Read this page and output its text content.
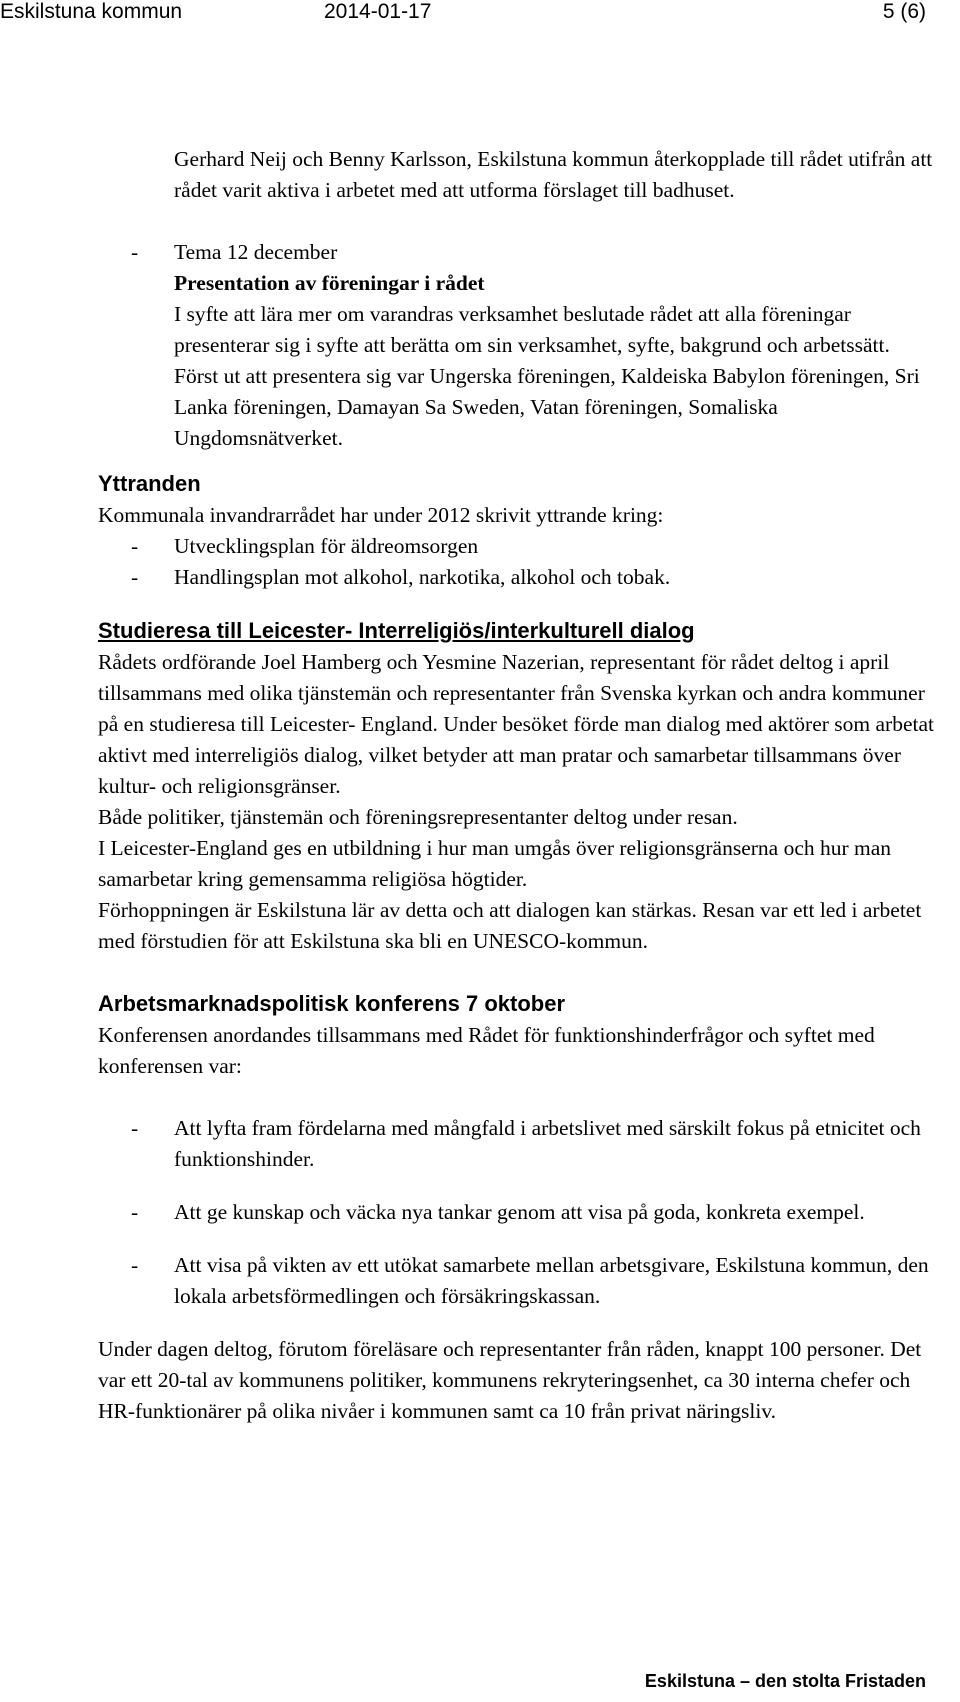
Eskilstuna kommun	2014-01-17	5 (6)

Gerhard Neij och Benny Karlsson, Eskilstuna kommun återkopplade till rådet utifrån att rådet varit aktiva i arbetet med att utforma förslaget till badhuset.

- Tema 12 december

Presentation av föreningar i rådet

I syfte att lära mer om varandras verksamhet beslutade rådet att alla föreningar presenterar sig i syfte att berätta om sin verksamhet, syfte, bakgrund och arbetssätt. Först ut att presentera sig var Ungerska föreningen, Kaldeiska Babylon föreningen, Sri Lanka föreningen, Damayan Sa Sweden, Vatan föreningen, Somaliska Ungdomsnätverket.

Yttranden

Kommunala invandrarrådet har under 2012 skrivit yttrande kring:

- Utvecklingsplan för äldreomsorgen

- Handlingsplan mot alkohol, narkotika, alkohol och tobak.

Studieresa till Leicester- Interreligiös/interkulturell dialog

Rådets ordförande Joel Hamberg och Yesmine Nazerian, representant för rådet deltog i april tillsammans med olika tjänstemän och representanter från Svenska kyrkan och andra kommuner på en studieresa till Leicester- England. Under besöket förde man dialog med aktörer som arbetat aktivt med interreligiös dialog, vilket betyder att man pratar och samarbetar tillsammans över kultur- och religionsgränser.

Både politiker, tjänstemän och föreningsrepresentanter deltog under resan.

I Leicester-England ges en utbildning i hur man umgås över religionsgränserna och hur man samarbetar kring gemensamma religiösa högtider.

Förhoppningen är Eskilstuna lär av detta och att dialogen kan stärkas. Resan var ett led i arbetet med förstudien för att Eskilstuna ska bli en UNESCO-kommun.

Arbetsmarknadspolitisk konferens 7 oktober

Konferensen anordandes tillsammans med Rådet för funktionshinderfrågor och syftet med konferensen var:

- Att lyfta fram fördelarna med mångfald i arbetslivet med särskilt fokus på etnicitet och funktionshinder.

- Att ge kunskap och väcka nya tankar genom att visa på goda, konkreta exempel.

- Att visa på vikten av ett utökat samarbete mellan arbetsgivare, Eskilstuna kommun, den lokala arbetsförmedlingen och försäkringskassan.

Under dagen deltog, förutom föreläsare och representanter från råden, knappt 100 personer. Det var ett 20-tal av kommunens politiker, kommunens rekryteringsenhet, ca 30 interna chefer och HR-funktionärer på olika nivåer i kommunen samt ca 10 från privat näringsliv.

Eskilstuna – den stolta Fristaden
